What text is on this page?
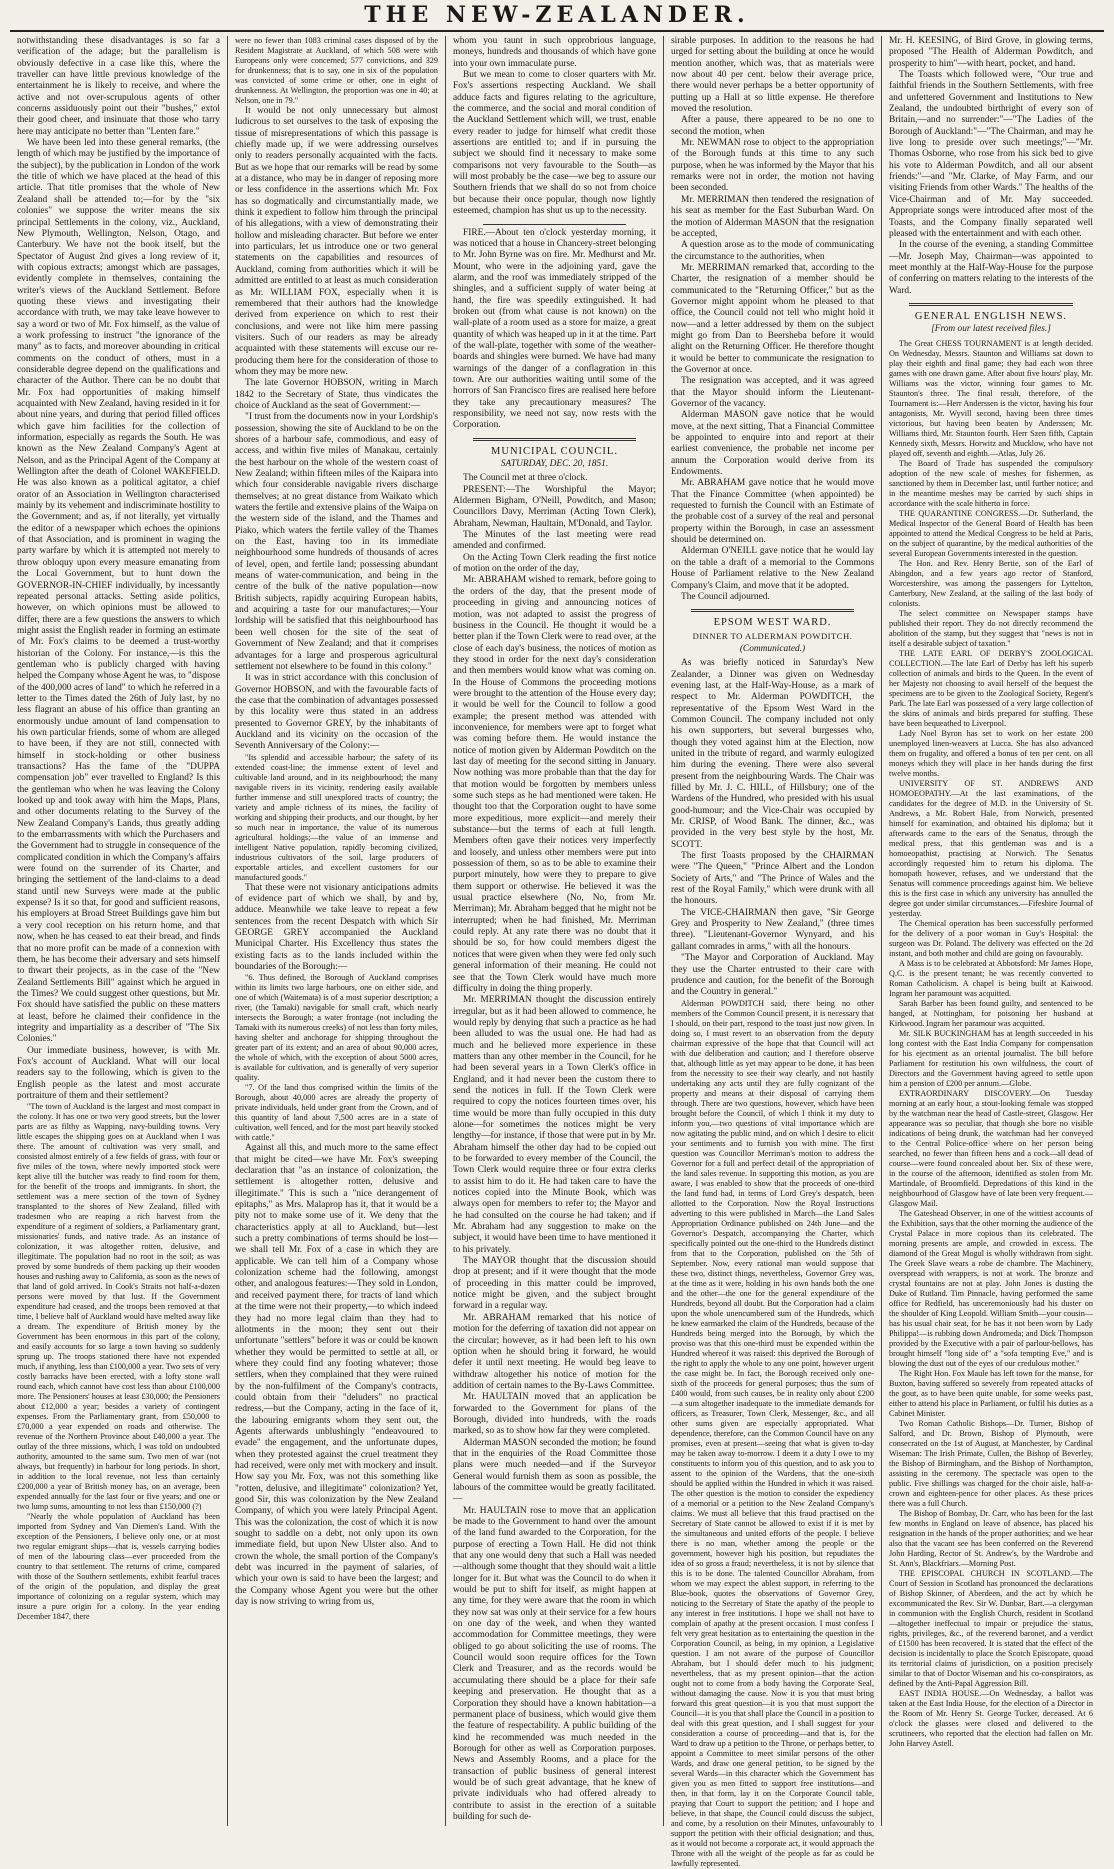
THE NEW-ZEALANDER.

notwithstanding these disadvantages is so far a verification of the adage; but the parallelism is obviously defective in a case like this, where the traveller can have little previous knowledge of the entertainment he is likely to receive, and where the active and not over-scrupulous agents of other concerns assiduously point out their "bushes," extol their good cheer, and insinuate that those who tarry here may anticipate no better than "Lenten fare."

We have been led into these general remarks, (the length of which may be justified by the importance of the subject), by the publication in London of the work the title of which we have placed at the head of this article. That title promises that the whole of New Zealand shall be attended to;—for by the "six colonies" we suppose the writer means the six principal Settlements in the colony, viz., Auckland, New Plymouth, Wellington, Nelson, Otago, and Canterbury. We have not the book itself, but the Spectator of August 2nd gives a long review of it, with copious extracts; amongst which are passages, evidently complete in themselves, containing the writer's views of the Auckland Settlement. Before quoting these views and investigating their accordance with truth, we may take leave however to say a word or two of Mr. Fox himself, as the value of a work professing to instruct "the ignorance of the many" as to facts, and moreover abounding in critical comments on the conduct of others, must in a considerable degree depend on the qualifications and character of the Author. There can be no doubt that Mr. Fox had opportunities of making himself acquainted with New Zealand, having resided in it for about nine years, and during that period filled offices which gave him facilities for the collection of information, especially as regards the South. He was known as the New Zealand Company's Agent at Nelson, and as the Principal Agent of the Company at Wellington after the death of Colonel WAKEFIELD. He was also known as a political agitator, a chief orator of an Association in Wellington characterised mainly by its vehement and indiscriminate hostility to the Government; and as, if not literally, yet virtually the editor of a newspaper which echoes the opinions of that Association, and is prominent in waging the party warfare by which it is attempted not merely to throw obloquy upon every measure emanating from the Local Government, but to hunt down the GOVERNOR-IN-CHIEF individually, by incessantly repeated personal attacks. Setting aside politics, however, on which opinions must be allowed to differ, there are a few questions the answers to which might assist the English reader in forming an estimate of Mr. Fox's claims to be deemed a trust-worthy historian of the Colony. For instance,—is this the gentleman who is publicly charged with having helped the Company whose Agent he was, to "dispose of the 400,000 acres of land" to which he referred in a letter to the Times dated the 26th of July last, by no less flagrant an abuse of his office than granting an enormously undue amount of land compensation to his own particular friends, some of whom are alleged to have been, if they are not still, connected with himself in stock-holding or other business transactions? Has the fame of the "DUPPA compensation job" ever travelled to England? Is this the gentleman who when he was leaving the Colony looked up and took away with him the Maps, Plans, and other documents relating to the Survey of the New Zealand Company's Lands, thus greatly adding to the embarrassments with which the Purchasers and the Government had to struggle in consequence of the complicated condition in which the Company's affairs were found on the surrender of its Charter, and bringing the settlement of the land-claims to a dead stand until new Surveys were made at the public expense? Is it so that, for good and sufficient reasons, his employers at Broad Street Buildings gave him but a very cool reception on his return home, and that now, when he has ceased to eat their bread, and finds that no more profit can be made of a connexion with them, he has become their adversary and sets himself to thwart their projects, as in the case of the "New Zealand Settlements Bill" against which he argued in the Times? We could suggest other questions, but Mr. Fox should have satisfied the public on these matters at least, before he claimed their confidence in the integrity and impartiality as a describer of "The Six Colonies."

Our immediate business, however, is with Mr. Fox's account of Auckland. What will our local readers say to the following, which is given to the English people as the latest and most accurate portraiture of them and their settlement?

"The town of Auckland is the largest and most compact in the colony. It has one or two very good streets, but the lower parts are as filthy as Wapping, navy-building towns. Very little escapes the shipping goes on at Auckland when I was there. The amount of cultivation was very small, and consisted almost entirely of a few fields of grass, with four or five miles of the town, where newly imported stock were kept alive till the butcher was ready to find room for them, for the benefit of the troops and immigrants. In short, the settlement was a mere section of the town of Sydney transplanted to the shores of New Zealand, filled with tradesmen who are reaping a rich harvest from the expenditure of a regiment of soldiers, a Parliamentary grant, missionaries' funds, and native trade. As an instance of colonization, it was altogether rotten, delusive, and illegitimate. The population had no root in the soil; as was proved by some hundreds of them packing up their wooden houses and rushing away to California, as soon as the news of that land of gold arrived. In Cook's Straits not half-a-dozen persons were moved by that lust. If the Government expenditure had ceased, and the troops been removed at that time, I believe half of Auckland would have melted away like a dream. The expenditure of British money by the Government has been enormous in this part of the colony, and easily accounts for so large a town having so suddenly sprung up. The troops stationed there have not expended much, if anything, less than £100,000 a year. Two sets of very costly barracks have been erected, with a lofty stone wall round each, which cannot have cost less than about £100,000 more. The Pensioners' houses at least £30,000; the Pensioners about £12,000 a year; besides a variety of contingent expenses. From the Parliamentary grant, from £50,000 to £70,000 a year expended on roads and otherwise. The revenue of the Northern Province about £40,000 a year. The outlay of the three missions, which, I was told on undoubted authority, amounted to the same sum. Two men of war (not always, but frequently) in harbour for long periods. In short, in addition to the local revenue, not less than certainly £200,000 a year of British money has, on an average, been expended annually for the last four or five years; and one or two lump sums, amounting to not less than £150,000 (?)

"Nearly the whole population of Auckland has been imported from Sydney and Van Diemen's Land. With the exception of the Pensioners, I believe only one, or at most two regular emigrant ships—that is, vessels carrying bodies of men of the labouring class—ever proceeded from the country to that settlement. The returns of crime, compared with those of the Southern settlements, exhibit fearful traces of the origin of the population, and display the great importance of colonizing on a regular system, which may insure a pure origin for a colony. In the year ending December 1847, there

were no fewer than 1083 criminal cases disposed of by the Resident Magistrate at Auckland, of which 508 were with Europeans only were concerned; 577 convictions, and 329 for drunkenness; that is to say, one in six of the population was convicted of some crime or other, one in eight of drunkenness. At Wellington, the proportion was one in 40; at Nelson, one in 79."

It would be not only unnecessary but almost ludicrous to set ourselves to the task of exposing the tissue of misrepresentations of which this passage is chiefly made up, if we were addressing ourselves only to readers personally acquainted with the facts. But as we hope that our remarks will be read by some at a distance, who may be in danger of reposing more or less confidence in the assertions which Mr. Fox has so dogmatically and circumstantially made, we think it expedient to follow him through the principal of his allegations, with a view of demonstrating their hollow and misleading character. But before we enter into particulars, let us introduce one or two general statements on the capabilities and resources of Auckland, coming from authorities which it will be admitted are entitled to at least as much consideration as Mr. WILLIAM FOX, especially when it is remembered that their authors had the knowledge derived from experience on which to rest their conclusions, and were not like him mere passing visiters. Such of our readers as may be already acquainted with these statements will excuse our re-producing them here for the consideration of those to whom they may be more new.

The late Governor HOBSON, writing in March 1842 to the Secretary of State, thus vindicates the choice of Auckland as the seat of Government:—

"I trust from the documents now in your Lordship's possession, showing the site of Auckland to be on the shores of a harbour safe, commodious, and easy of access, and within five miles of Manakau, certainly the best harbour on the whole of the western coast of New Zealand; within fifteen miles of the Kaipara into which four considerable navigable rivers discharge themselves; at no great distance from Waikato which waters the fertile and extensive plains of the Waipa on the western side of the island, and the Thames and Piako, which waters the fertile valley of the Thames on the East, having too in its immediate neighbourhood some hundreds of thousands of acres of level, open, and fertile land; possessing abundant means of water-communication, and being in the centre of the bulk of the native population—now British subjects, rapidly acquiring European habits, and acquiring a taste for our manufactures;—Your lordship will be satisfied that this neighbourhood has been well chosen for the site of the seat of Government of New Zealand; and that it comprises advantages for a large and prosperous agricultural settlement not elsewhere to be found in this colony."

It was in strict accordance with this conclusion of Governor HOBSON, and with the favourable facts of the case that the combination of advantages possessed by this locality were thus stated in an address presented to Governor GREY, by the inhabitants of Auckland and its vicinity on the occasion of the Seventh Anniversary of the Colony:—

"Its splendid and accessible harbour; the safety of its extended coast-line; the immense extent of level and cultivable land around, and in its neighbourhood; the many navigable rivers in its vicinity, rendering easily available further immense and still unexplored tracts of country; the variety and ample richness of its mines, the facility of working and shipping their products, and our thought, by her so much near in importance, the value of its numerous agricultural holdings;—the value of an immense and intelligent Native population, rapidly becoming civilized, industrious cultivators of the soil, large producers of exportable articles, and excellent customers for our manufactured goods."

That these were not visionary anticipations admits of evidence part of which we shall, by and by, adduce. Meanwhile we take leave to repeat a few sentences from the recent Despatch with which Sir GEORGE GREY accompanied the Auckland Municipal Charter. His Excellency thus states the existing facts as to the lands included within the boundaries of the Borough:—

"6. Thus defined, the Borough of Auckland comprises within its limits two large harbours, one on either side, and one of which (Waitemata) is of a most superior description; a river, (the Tamaki) navigable for small craft, which nearly intersects the Borough; a water frontage (not including the Tamaki with its numerous creeks) of not less than forty miles, having shelter and anchorage for shipping throughout the greater part of its extent; and an area of about 90,000 acres, the whole of which, with the exception of about 5000 acres, is available for cultivation, and is generally of very superior quality.

"7. Of the land thus comprised within the limits of the Borough, about 40,000 acres are already the property of private individuals, held under grant from the Crown, and of this quantity of land about 7,500 acres are in a state of cultivation, well fenced, and for the most part heavily stocked with cattle."

Against all this, and much more to the same effect that might be cited—we have Mr. Fox's sweeping declaration that "as an instance of colonization, the settlement is altogether rotten, delusive and illegitimate." This is such a "nice derangement of epitaphs," as Mrs. Malaprop has it, that it would be a pity not to make some use of it. We deny that the characteristics apply at all to Auckland, but—lest such a pretty combinations of terms should be lost—we shall tell Mr. Fox of a case in which they are applicable. We can tell him of a Company whose colonization scheme had the following, amongst other, and analogous features:—They sold in London, and received payment there, for tracts of land which at the time were not their property,—to which indeed they had no more legal claim than they had to allotments in the moon; they sent out their unfortunate "settlers" before it was or could be known whether they would be permitted to settle at all, or where they could find any footing whatever; those settlers, when they complained that they were ruined by the non-fulfilment of the Company's contracts, could obtain from their "deluders" no practical redress,—but the Company, acting in the face of it, the labouring emigrants whom they sent out, the Agents afterwards unblushingly "endeavoured to evade" the engagement, and the unfortunate dupes, when they protested against the cruel treatment they had received, were only met with mockery and insult. How say you Mr. Fox, was not this something like "rotten, delusive, and illegitimate" colonization? Yet, good Sir, this was colonization by the New Zealand Company, of which you were lately Principal Agent. This was the colonization, the cost of which it is now sought to saddle on a debt, not only upon its own immediate field, but upon New Ulster also. And to crown the whole, the small portion of the Company's debt was incurred in the payment of salaries, of which your own is said to have been the largest; and the Company whose Agent you were but the other day is now striving to wring from us,

whom you taunt in such opprobrious language, moneys, hundreds and thousands of which have gone into your own immaculate purse.

But we mean to come to closer quarters with Mr. Fox's assertions respecting Auckland. We shall adduce facts and figures relating to the agriculture, the commerce, and the social and moral condition of the Auckland Settlement which will, we trust, enable every reader to judge for himself what credit those assertions are entitled to; and if in pursuing the subject we should find it necessary to make some comparisons not very favourable to the South—as will most probably be the case—we beg to assure our Southern friends that we shall do so not from choice but because their once popular, though now lightly esteemed, champion has shut us up to the necessity.

FIRE.—About ten o'clock yesterday morning, it was noticed that a house in Chancery-street belonging to Mr. John Byrne was on fire. Mr. Medhurst and Mr. Mount, who were in the adjoining yard, gave the alarm, and the roof was immediately stripped of the shingles, and a sufficient supply of water being at hand, the fire was speedily extinguished. It had broken out (from what cause is not known) on the wall-plate of a room used as a store for maize, a great quantity of which was heaped up in it at the time. Part of the wall-plate, together with some of the weather-boards and shingles were burned. We have had many warnings of the danger of a conflagration in this town. Are our authorities waiting until some of the horrors of San Francisco fires are realised here before they take any precautionary measures? The responsibility, we need not say, now rests with the Corporation.

MUNICIPAL COUNCIL.
SATURDAY, DEC. 20, 1851.

The Council met at three o'clock.

PRESENT:—The Worshipful the Mayor; Aldermen Bigham, O'Neill, Powditch, and Mason; Councillors Davy, Merriman (Acting Town Clerk), Abraham, Newman, Haultain, M'Donald, and Taylor.

The Minutes of the last meeting were read amended and confirmed.

On the Acting Town Clerk reading the first notice of motion on the order of the day,

Mr. ABRAHAM wished to remark, before going to the orders of the day, that the present mode of proceeding in giving and announcing notices of motion, was not adapted to assist the progress of business in the Council. He thought it would be a better plan if the Town Clerk were to read over, at the close of each day's business, the notices of motion as they stood in order for the next day's consideration and then members would know what was coming on. In the House of Commons the proceeding motions were brought to the attention of the House every day; it would be well for the Council to follow a good example; the present method was attended with inconvenience, for members were apt to forget what was coming before them. He would instance the notice of motion given by Alderman Powditch on the last day of meeting for the second sitting in January. Now nothing was more probable than that the day for that motion would be forgotten by members unless some such steps as he had mentioned were taken. He thought too that the Corporation ought to have some more expeditious, more explicit—and merely their substance—but the terms of each at full length. Members often gave their notices very imperfectly and loosely, and unless other members were put into possession of them, so as to be able to examine their purport minutely, how were they to prepare to give them support or otherwise. He believed it was the usual practice elsewhere (No, No, from Mr. Merriman); Mr. Abraham begged that he might not be interrupted; when he had finished, Mr. Merriman could reply. At any rate there was no doubt that it should be so, for how could members digest the notices that were given when they were fed only such general information of their meaning. He could not see that the Town Clerk would have much more difficulty in doing the thing properly.

Mr. MERRIMAN thought the discussion entirely irregular, but as it had been allowed to commence, he would reply by denying that such a practice as he had been alluded to was the usual one. He had had as much and he believed more experience in these matters than any other member in the Council, for he had been several years in a Town Clerk's office in England, and it had never been the custom there to send the notices in full. If the Town Clerk were required to copy the notices fourteen times over, his time would be more than fully occupied in this duty alone—for sometimes the notices might be very lengthy—for instance, if those that were put in by Mr. Abraham himself the other day had to be copied out to be forwarded to every member of the Council, the Town Clerk would require three or four extra clerks to assist him to do it. He had taken care to have the notices copied into the Minute Book, which was always open for members to refer to; the Mayor and he had consulted on the course he had taken; and if Mr. Abraham had any suggestion to make on the subject, it would have been time to have mentioned it to his privately.

The MAYOR thought that the discussion should drop at present; and if it were thought that the mode of proceeding in this matter could be improved, notice might be given, and the subject brought forward in a regular way.

Mr. ABRAHAM remarked that his notice of motion for the deferring of taxation did not appear on the circular; however, as it had been left to his own option when he should bring it forward, he would defer it until next meeting. He would beg leave to withdraw altogether his notice of motion for the addition of certain names to the By-Laws Committee.

Mr. HAULTAIN moved that an application be forwarded to the Government for plans of the Borough, divided into hundreds, with the roads marked, so as to show how far they were completed.

Alderman MASON seconded the motion; he found that in the enquiries of the Road Committee those plans were much needed—and if the Surveyor General would furnish them as soon as possible, the labours of the committee would be greatly facilitated.—

Mr. HAULTAIN rose to move that an application be made to the Government to hand over the amount of the land fund awarded to the Corporation, for the purpose of erecting a Town Hall. He did not think that any one would deny that such a Hall was needed—although some thought that they should wait a little longer for it. But what was the Council to do when it would be put to shift for itself, as might happen at any time, for they were aware that the room in which they now sat was only at their service for a few hours on one day of the week, and when they wanted accommodation for Committee meetings, they were obliged to go about soliciting the use of rooms. The Council would soon require offices for the Town Clerk and Treasurer, and as the records would be accumulating there should be a place for their safe keeping and preservation. He thought that as a Corporation they should have a known habitation—a permanent place of business, which would give them the feature of respectability. A public building of the kind he recommended was much needed in the Borough for other as well as Corporation purposes. News and Assembly Rooms, and a place for the transaction of public business of general interest would be of such great advantage, that he knew of private individuals who had offered already to contribute to assist in the erection of a suitable building for such de-

sirable purposes. In addition to the reasons he had urged for setting about the building at once he would mention another, which was, that as materials were now about 40 per cent. below their average price, there would never perhaps be a better opportunity of putting up a Hall at so little expense. He therefore moved the resolution.

After a pause, there appeared to be no one to second the motion, when

Mr. NEWMAN rose to object to the appropriation of the Borough funds at this time to any such purpose, when he was informed by the Mayor that his remarks were not in order, the motion not having been seconded.

Mr. MERRIMAN then tendered the resignation of his seat as member for the East Suburban Ward. On the motion of Alderman MASON that the resignation be accepted,

A question arose as to the mode of communicating the circumstance to the authorities, when

Mr. MERRIMAN remarked that, according to the Charter, the resignation of a member should be communicated to the "Returning Officer," but as the Governor might appoint whom he pleased to that office, the Council could not tell who might hold it now—and a letter addressed by them on the subject might go from Dan to Beersheba before it would alight on the Returning Officer. He therefore thought it would be better to communicate the resignation to the Governor at once.

The resignation was accepted, and it was agreed that the Mayor should inform the Lieutenant-Governor of the vacancy.

Alderman MASON gave notice that he would move, at the next sitting, That a Financial Committee be appointed to enquire into and report at their earliest convenience, the probable net income per annum the Corporation would derive from its Endowments.

Mr. ABRAHAM gave notice that he would move That the Finance Committee (when appointed) be requested to furnish the Council with an Estimate of the probable cost of a survey of the real and personal property within the Borough, in case an assessment should be determined on.

Alderman O'NEILL gave notice that he would lay on the table a draft of a memorial to the Commons House of Parliament relative to the New Zealand Company's Claim, and move that it be adopted.

The Council adjourned.

EPSOM WEST WARD.
DINNER TO ALDERMAN POWDITCH.
(Communicated.)

As was briefly noticed in Saturday's New Zealander, a Dinner was given on Wednesday evening last, at the Half-Way-House, as a mark of respect to Mr. Alderman POWDITCH, the representative of the Epsom West Ward in the Common Council. The company included not only his own supporters, but several burgesses who, though they voted against him at the Election, now united in the tribute of regard, and warmly eulogized him during the evening. There were also several present from the neighbouring Wards. The Chair was filled by Mr. J. C. HILL, of Hillsbury; one of the Wardens of the Hundred, who presided with his usual good-humour; and the Vice-Chair was occupied by Mr. CRISP, of Wood Bank. The dinner, &c., was provided in the very best style by the host, Mr. SCOTT.

The first Toasts proposed by the CHAIRMAN were "The Queen," "Prince Albert and the London Society of Arts," and "The Prince of Wales and the rest of the Royal Family," which were drunk with all the honours.

The VICE-CHAIRMAN then gave, "Sir George Grey and Prosperity to New Zealand," (three times three). "Lieutenant-Governor Wynyard, and his gallant comrades in arms," with all the honours.

"The Mayor and Corporation of Auckland. May they use the Charter entrusted to their care with prudence and caution, for the benefit of the Borough and the Country in general."

Alderman POWDITCH said, there being no other members of the Common Council present, it is necessary that I should, on their part, respond to the toast just now given. In doing so, I must revert to an observation from the deputy chairman expressive of the hope that that Council will act with due deliberation and caution; and I therefore observe that, although little as yet may appear to be done, it has been from the necessity to see their way clearly, and not hastily undertaking any acts until they are fully cognizant of the property and means at their disposal of carrying them through. There are two questions, however, which have been brought before the Council, of which I think it my duty to inform you,—two questions of vital importance which are now agitating the public mind, and on which I desire to elicit your sentiments and to furnish you with mine. The first question was Councillor Merriman's motion to address the Governor for a full and perfect detail of the appropriation of the land sales revenue. In supporting this motion, as you are aware, I was enabled to show that the proceeds of one-third the land fund had, in terms of Lord Grey's despatch, been allotted to the Corporation. Now the Royal Instructions adverting to this were published in March—the Land Sales Appropriation Ordinance published on 24th June—and the Governor's Despatch, accompanying the Charter, which specifically pointed out the one-third to the Hundreds distinct from that to the Corporation, published on the 5th of September. Now, every rational man would suppose that these two, distinct things, nevertheless, Governor Grey was, at the time as it were, holding in his own hands both the one and the other—the one for the general expenditure of the Hundreds, beyond all doubt. But the Corporation had a claim upon the whole unencumbered sum of the Hundreds, which he knew earmarked the claim of the Hundreds, because of the Hundreds being merged into the Borough, by which the proviso was that this one-third must be expended within the Hundred whereof it was raised: this deprived the Borough of the right to apply the whole to any one point, however urgent the case might be. In fact, the Borough received only one-sixth of the proceeds for general purposes; thus the sum of £400 would, from such causes, be in reality only about £200—a sum altogether inadequate to the immediate demands for officers, as Treasurer, Town Clerk, Messenger, &c., and all other sums given are especially appropriated. What dependence, therefore, can the Common Council have on any promises, even at present—seeing that what is given to-day may be taken away to-morrow. I deem it a duty I owe to my constituents to inform you of this question, and to ask you to assent to the opinion of the Wardens, that the one-sixth should be applied within the Hundred in which it was raised. The other question is the motion to consider the expediency of a memorial or a petition to the New Zealand Company's claims. We must all believe that this fraud practised on the Secretary of State cannot be allowed to exist if it is met by the simultaneous and united efforts of the people. I believe there is no man, whether among the people or the government, however high his position, but repudiates the idea of so gross a fraud; nevertheless, it is not by silence that this is to be done. The talented Councillor Abraham, from whom we may expect the ablest support, in referring to the Blue-book, quotes the observations of Governor Grey, noticing to the Secretary of State the apathy of the people to any interest in free institutions. I hope we shall not have to complain of apathy at the present occasion. I must confess I felt very great hesitation as to entertaining the question in the Corporation Council, as being, in my opinion, a Legislative question. I am not aware of the purpose of Councillor Abraham, but I should defer much to his judgment; nevertheless, that as my present opinion—that the action ought not to come from a body having the Corporate Seal, without damaging the cause. Now it is you that must bring forward this great question—it is you that must support the Council—it is you that shall place the Council in a position to deal with this great question, and I shall suggest for your consideration a course of proceeding—and that is, for the Ward to draw up a petition to the Throne, or perhaps better, to appoint a Committee to meet similar persons of the other Wards, and draw one general petition, to be signed by the several Wards—in this character which the Government has given you as men fitted to support free institutions—and then, in that form, lay it on the Corporate Council table, praying that Court to support the petition; and I hope and believe, in that shape, the Council could discuss the subject, and come, by a resolution on their Minutes, unfavourably to support the petition with their official designation; and thus, as it would not become a corporate act, it would approach the Throne with all the weight of the people as far as could be lawfully represented.

Mr. H. KEESING, of Bird Grove, in glowing terms, proposed "The Health of Alderman Powditch, and prosperity to him"—with heart, pocket, and hand.

The Toasts which followed were, "Our true and faithful friends in the Southern Settlements, with free and unfettered Government and Institutions to New Zealand, the undoubted birthright of every son of Britain,—and no surrender:"—"The Ladies of the Borough of Auckland:"—"The Chairman, and may he live long to preside over such meetings;"—"Mr. Thomas Osborne, who rose from his sick bed to give his vote to Alderman Powditch, and all our absent friends:"—and "Mr. Clarke, of May Farm, and our visiting Friends from other Wards." The healths of the Vice-Chairman and of Mr. May succeeded. Appropriate songs were introduced after most of the Toasts, and the Company finally separated well pleased with the entertainment and with each other.

In the course of the evening, a standing Committee—Mr. Joseph May, Chairman—was appointed to meet monthly at the Half-Way-House for the purpose of conferring on matters relating to the interests of the Ward.

GENERAL ENGLISH NEWS.
[From our latest received files.]

The Great CHESS TOURNAMENT is at length decided. On Wednesday, Messrs. Staunton and Williams sat down to play their eighth and final game; they had each won three games with one drawn game. After about five hours' play, Mr. Williams was the victor, winning four games to Mr. Staunton's three. The final result, therefore, of the Tournament is:—Herr Anderssen is the victor, having his four antagonists, Mr. Wyvill second, having been three times victorious, but having been beaten by Anderssen; Mr. Williams third, Mr. Staunton fourth. Herr Szen fifth, Captain Kennedy sixth, Messrs. Horwitz and Mucklow, who have not played off, seventh and eighth.—Atlas, July 26.

The Board of Trade has suspended the compulsory adoption of the new scale of meshes for fishermen, as sanctioned by them in December last, until further notice; and in the meantime meshes may be carried by such ships in accordance with the scale hitherto in force.

THE QUARANTINE CONGRESS.—Dr. Sutherland, the Medical Inspector of the General Board of Health has been appointed to attend the Medical Congress to be held at Paris, on the subject of quarantine, by the medical authorities of the several European Governments interested in the question.

The Hon. and Rev. Henry Bertie, son of the Earl of Abingdon, and a few years ago rector of Stanford, Worcestershire, was among the passengers for Lyttelton, Canterbury, New Zealand, at the sailing of the last body of colonists.

The select committee on Newspaper stamps have published their report. They do not directly recommend the abolition of the stamp, but they suggest that "news is not in itself a desirable subject of taxation."

THE LATE EARL OF DERBY'S ZOOLOGICAL COLLECTION.—The late Earl of Derby has left his superb collection of animals and birds to the Queen. In the event of her Majesty not choosing to avail herself of the bequest the specimens are to be given to the Zoological Society, Regent's Park. The late Earl was possessed of a very large collection of the skins of animals and birds prepared for stuffing. These have been bequeathed to Liverpool.

Lady Noel Byron has set to work on her estate 200 unemployed linen-weavers at Lucca. She has also advanced them on frugality, and offered a bonus of ten per cent. on all moneys which they will place in her hands during the first twelve months.

UNIVERSITY OF ST. ANDREWS AND HOMOEOPATHY.—At the last examinations, of the candidates for the degree of M.D. in the University of St. Andrews, a Mr. Robert Hale, from Norwich, presented himself for examination, and obtained his diploma; but it afterwards came to the ears of the Senatus, through the medical press, that this gentleman was and is a homoeopathist, practising at Norwich. The Senatus accordingly requested him to return his diploma. The homopath however, refuses, and we understand that the Senatus will commence proceedings against him. We believe this is the first case in which any university has annulled the degree got under similar circumstances.—Fifeshire Journal of yesterday.

The Chemical operation has been successfully performed for the delivery of a poor woman in Guy's Hospital: the surgeon was Dr. Poland. The delivery was effected on the 2d instant, and both mother and child are going on favourably.

A Mass is to be celebrated at Abbotsford: Mr James Hope, Q.C. is the present tenant; he was recently converted to Roman Catholicism. A chapel is being built at Kaiwood. Ingram her paramount was acquitted.

Sarah Barber has been found guilty, and sentenced to be hanged, at Nottingham, for poisoning her husband at Kirkwood. Ingram her paramour was acquitted.

Mr. SILK BUCKINGHAM has at length succeeded in his long contest with the East India Company for compensation for his ejectment as an oriental journalist. The bill before Parliament for restitution his own wilfulness, the court of Directors and the Government having agreed to settle upon him a pension of £200 per annum.—Globe.

EXTRAORDINARY DISCOVERY.—On Tuesday morning at an early hour, a stout-looking female was stopped by the watchman near the head of Castle-street, Glasgow. Her appearance was so peculiar, that though she bore no visible indications of being drunk, the watchman had her conveyed to the Central Police-office where on her person being searched, no fewer than fifteen hens and a cock—all dead of course—were found concealed about her. Six of these were, in the course of the afternoon, identified as stolen from Mr. Martindale, of Broomfield. Depredations of this kind in the neighbourhood of Glasgow have of late been very frequent.—Glasgow Mail.

The Gateshead Observer, in one of the wittiest accounts of the Exhibition, says that the other morning the audience of the Crystal Palace in more copious than its celebrated. The morning presents are ample, and crowded in excess. The diamond of the Great Mogul is wholly withdrawn from sight. The Greek Slave wears a robe de chambre. The Machinery, overspread with wrappers, is not at work. The bronze and crystal fountains are not at play. John Jones is dusting the Duke of Rutland. Tim Pinnacle, having performed the same office for Redfield, has unceremoniously had his duster on the shoulder of King Leopold. William Smith—your cousin—has his usual chair seat, for he has it not been worn by Lady Philippa!—is rubbing down Andromeda; and Dick Thompson provided by the Executive with a pair of parlour-bellows, has brought himself "long side of" a "sofa tempting Eve," and is blowing the dust out of the eyes of our credulous mother."

The Right Hon. Fox Maule has left town for the manse, for Buxton, having suffered so severely from repeated attacks of the gout, as to have been quite unable, for some weeks past, either to attend his place in Parliament, or fulfil his duties as a Cabinet Minister.

Two Roman Catholic Bishops—Dr. Turner, Bishop of Salford, and Dr. Brown, Bishop of Plymouth, were consecrated on the 1st of August, at Manchester, by Cardinal Wiseman: The Irish Primate, Cullen, the Bishop of Beverley, the Bishop of Birmingham, and the Bishop of Northampton, assisting in the ceremony. The spectacle was open to the public. Five shillings was charged for the choir aisle, half-a-crown and eighteen-pence for other places. As these prices there was a full Church.

The Bishop of Bombay, Dr. Carr, who has been for the last few months in England on leave of absence, has placed his resignation in the hands of the proper authorities; and we hear also that the vacant see has been conferred on the Reverend John Harding, Rector of St. Andrew's, by the Wardrobe and St. Ann's, Blackfriars.—Morning Post.

THE EPISCOPAL CHURCH IN SCOTLAND.—The Court of Session in Scotland has pronounced the declarations of Bishop Skinner, of Aberdeen, and the act by which he excommunicated the Rev. Sir W. Dunbar, Bart.—a clergyman in communion with the English Church, resident in Scotland—altogether ineffectual to impair or prejudice the status, rights, privileges, &c., of the reverend baronet, and a verdict of £1500 has been recovered. It is stated that the effect of the decision is incidentally to place the Scotch Episcopate, quoad its territorial claims of jurisdiction, on a position precisely similar to that of Doctor Wiseman and his co-conspirators, as defined by the Anti-Papal Aggression Bill.

EAST INDIA HOUSE.—On Wednesday, a ballot was taken at the East India House, for the election of a Director in the Room of Mr. Henry St. George Tucker, deceased. At 6 o'clock the glasses were closed and delivered to the scrutineers, who reported that the election had fallen on Mr. John Harvey Astell.
